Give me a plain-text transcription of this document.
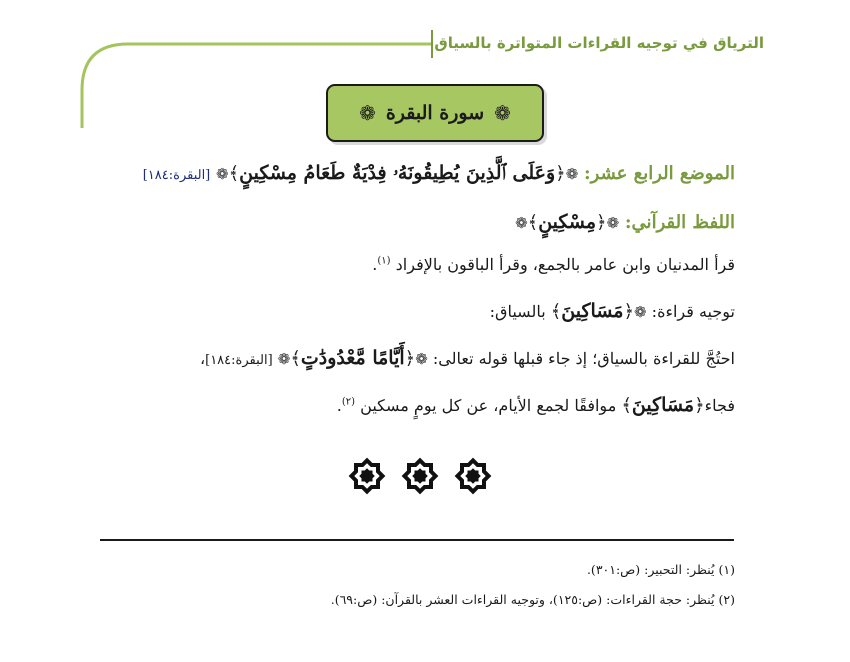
الترياق في توجيه القراءات المتواترة بالسياق
❁
سورة البقرة
❁
الموضع الرابع عشر: ❁﴿وَعَلَى ٱلَّذِينَ يُطِيقُونَهُۥ فِدْيَةٌ طَعَامُ مِسْكِينٍ﴾❁ [البقرة:١٨٤]
اللفظ القرآني: ❁﴿مِسْكِينٍ﴾❁
قرأ المدنيان وابن عامر بالجمع، وقرأ الباقون بالإفراد $^{(١)}$.
توجيه قراءة: ❁﴿مَسَاكِينَ﴾ بالسياق:
احتُجَّ للقراءة بالسياق؛ إذ جاء قبلها قوله تعالى: ❁﴿أَيَّامًا مَّعْدُودَٰتٍ﴾❁ [البقرة:١٨٤]،
فجاء﴿مَسَاكِينَ﴾ موافقًا لجمع الأيام، عن كل يومٍ مسكين $^{(٢)}$.
(١) يُنظر: التحبير: (ص:٣٠١).
(٢) يُنظر: حجة القراءات: (ص:١٢٥)، وتوجيه القراءات العشر بالقرآن: (ص:٦٩).
